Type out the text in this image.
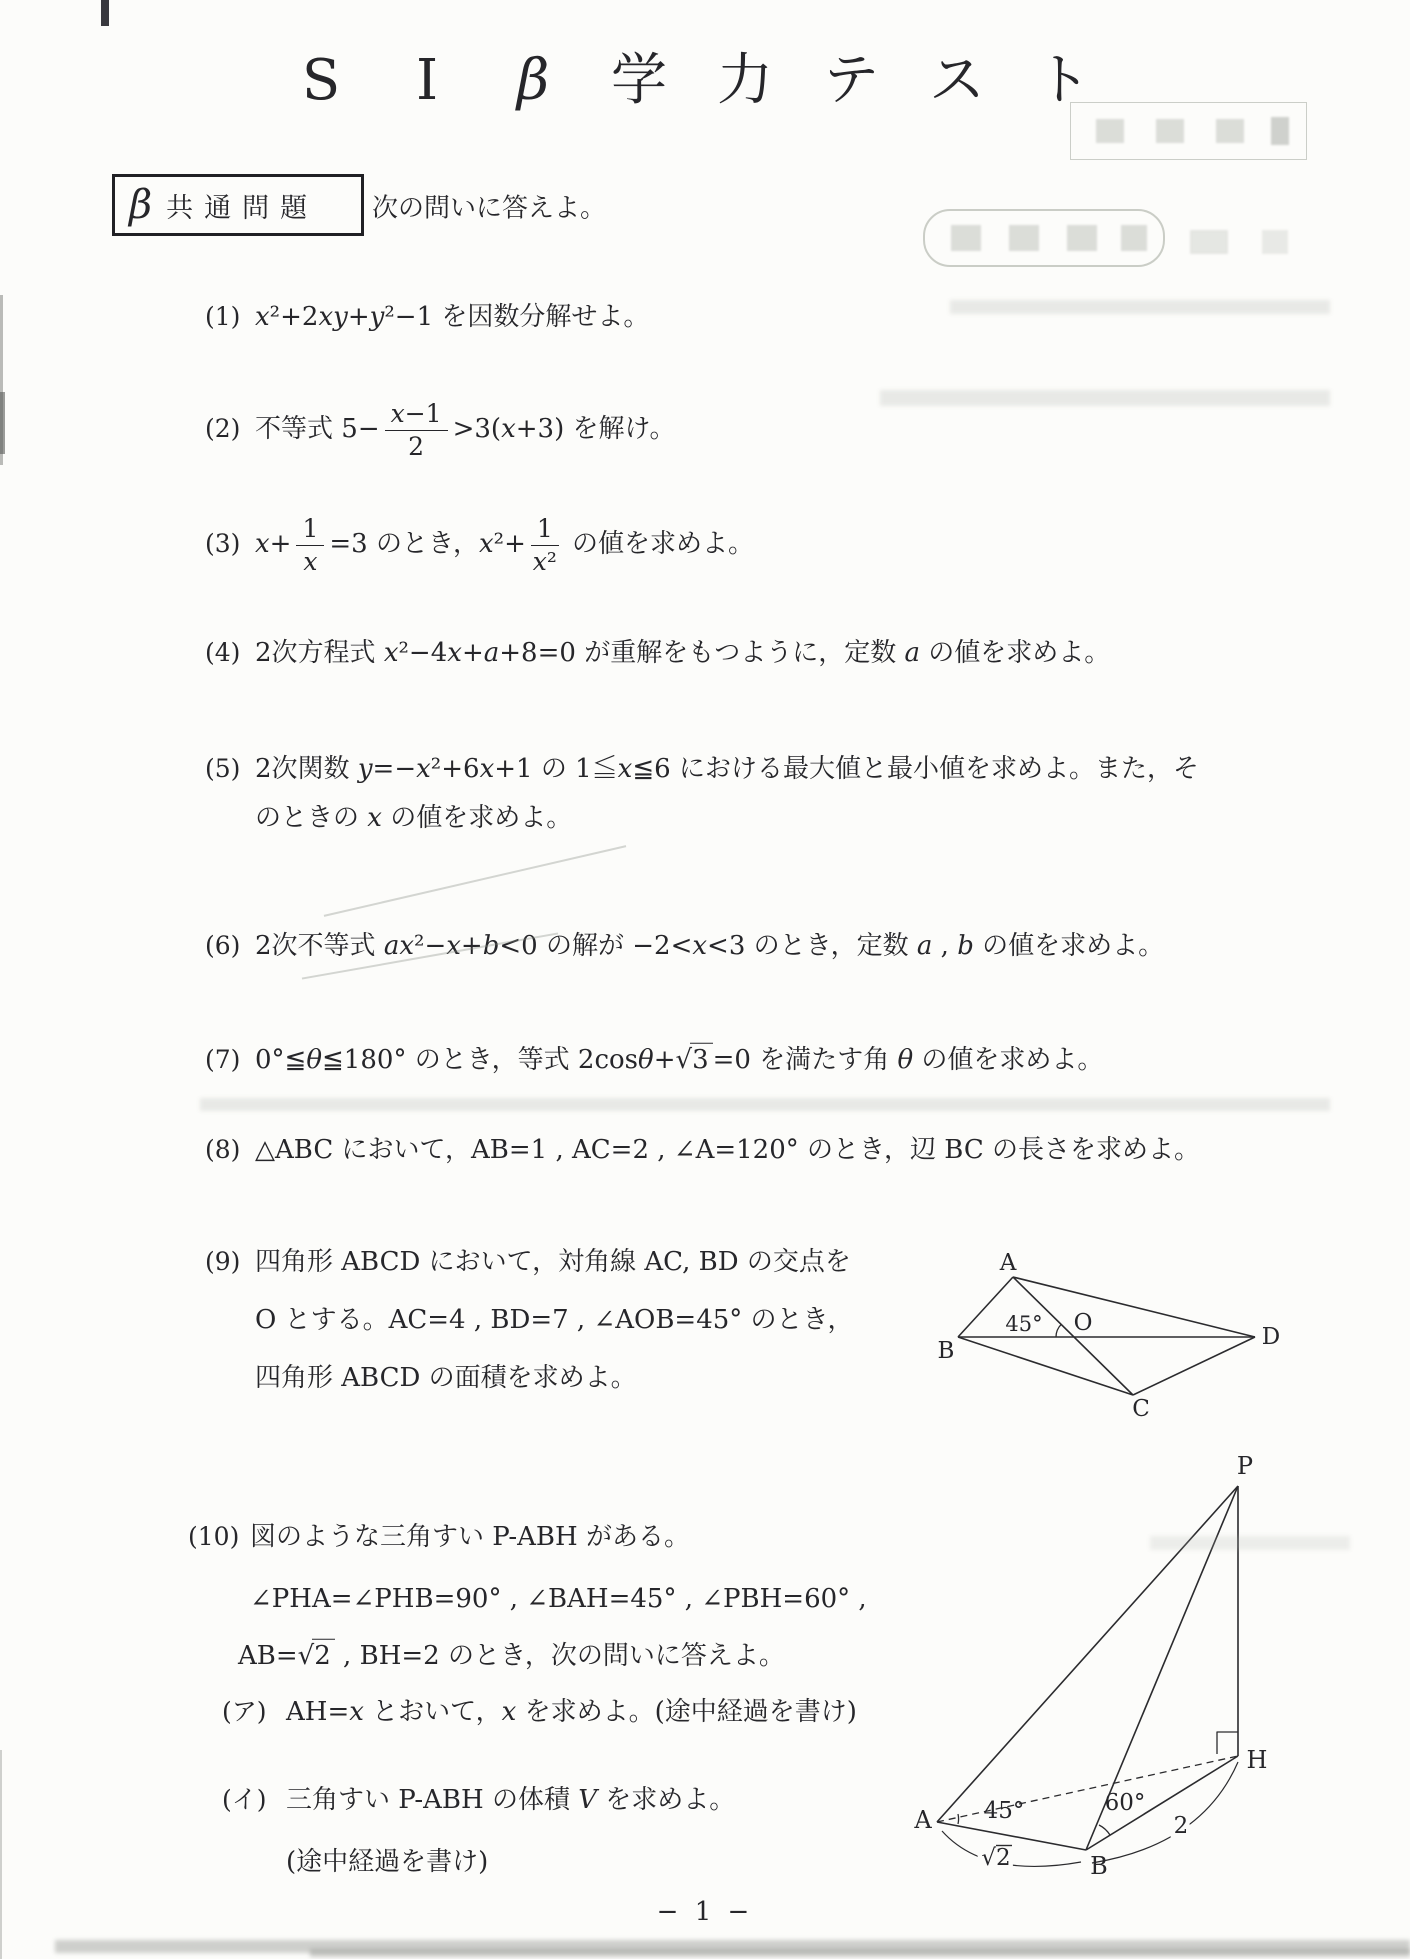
S I β 学 力 テ ス ト
β 共通問題 次の問いに答えよ。
(1) x²+2xy+y²−1 を因数分解せよ。
(2) 不等式 $5- \frac{x-1}{2} >3(x+3)$ を解け。
(3) $x+ \frac{1}{x} =3$ のとき，$x^2+ \frac{1}{\text{x²}}$ の値を求めよ。
(4) 2次方程式 x²−4x+a+8=0 が重解をもつように，定数 a の値を求めよ。
(5) 2次関数 y=−x²+6x+1 の 1≦x≦6 における最大値と最小値を求めよ。また，そ
のときの x の値を求めよ。
(6) 2次不等式 ax²−x+b<0 の解が −2<x<3 のとき，定数 a , b の値を求めよ。
(7) 0°≦θ≦180° のとき，等式 2cosθ+√3 =0 を満たす角 θ の値を求めよ。
(8) △ABC において，AB=1 , AC=2 , ∠A=120° のとき，辺 BC の長さを求めよ。
(9) 四角形 ABCD において，対角線 AC, BD の交点を
O とする。AC=4 , BD=7 , ∠AOB=45° のとき，
四角形 ABCD の面積を求めよ。
(10) 図のような三角すい P-ABH がある。
∠PHA=∠PHB=90° , ∠BAH=45° , ∠PBH=60° ,
AB=√2 , BH=2 のとき，次の問いに答えよ。
(ア) AH=x とおいて，x を求めよ。(途中経過を書け)
(イ) 三角すい P-ABH の体積 V を求めよ。
(途中経過を書け)
A
B
C
D
O
45°
P
H
A
B
45°	60°
2
√2
− 1 −
